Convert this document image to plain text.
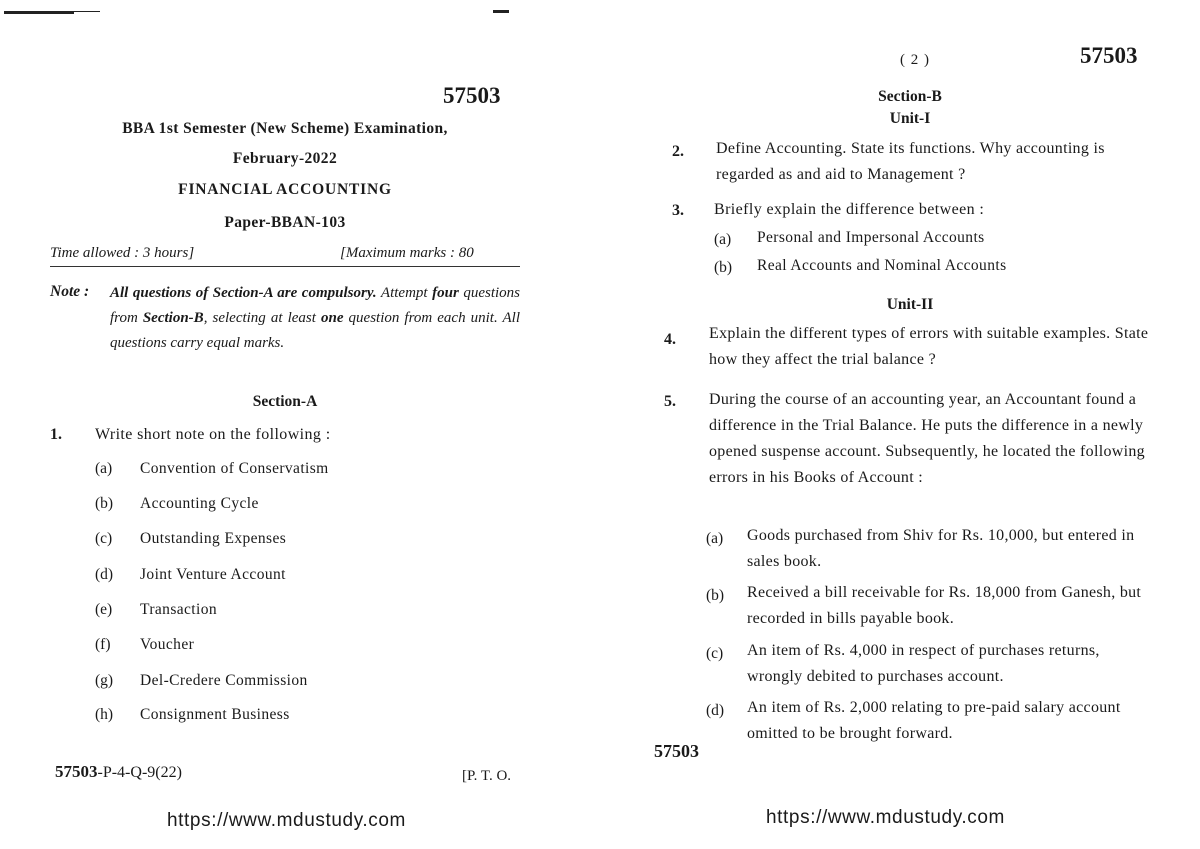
57503
BBA 1st Semester (New Scheme) Examination,
February-2022
FINANCIAL ACCOUNTING
Paper-BBAN-103
Time allowed : 3 hours]	[Maximum marks : 80
Note : All questions of Section-A are compulsory. Attempt four questions from Section-B, selecting at least one question from each unit. All questions carry equal marks.
Section-A
1. Write short note on the following :
(a) Convention of Conservatism
(b) Accounting Cycle
(c) Outstanding Expenses
(d) Joint Venture Account
(e) Transaction
(f) Voucher
(g) Del-Credere Commission
(h) Consignment Business
57503-P-4-Q-9(22)	[P. T. O.
https://www.mdustudy.com
( 2 )	57503
Section-B
Unit-I
2. Define Accounting. State its functions. Why accounting is regarded as and aid to Management ?
3. Briefly explain the difference between :
(a) Personal and Impersonal Accounts
(b) Real Accounts and Nominal Accounts
Unit-II
4. Explain the different types of errors with suitable examples. State how they affect the trial balance ?
5. During the course of an accounting year, an Accountant found a difference in the Trial Balance. He puts the difference in a newly opened suspense account. Subsequently, he located the following errors in his Books of Account :
(a) Goods purchased from Shiv for Rs. 10,000, but entered in sales book.
(b) Received a bill receivable for Rs. 18,000 from Ganesh, but recorded in bills payable book.
(c) An item of Rs. 4,000 in respect of purchases returns, wrongly debited to purchases account.
(d) An item of Rs. 2,000 relating to pre-paid salary account omitted to be brought forward.
57503
https://www.mdustudy.com
